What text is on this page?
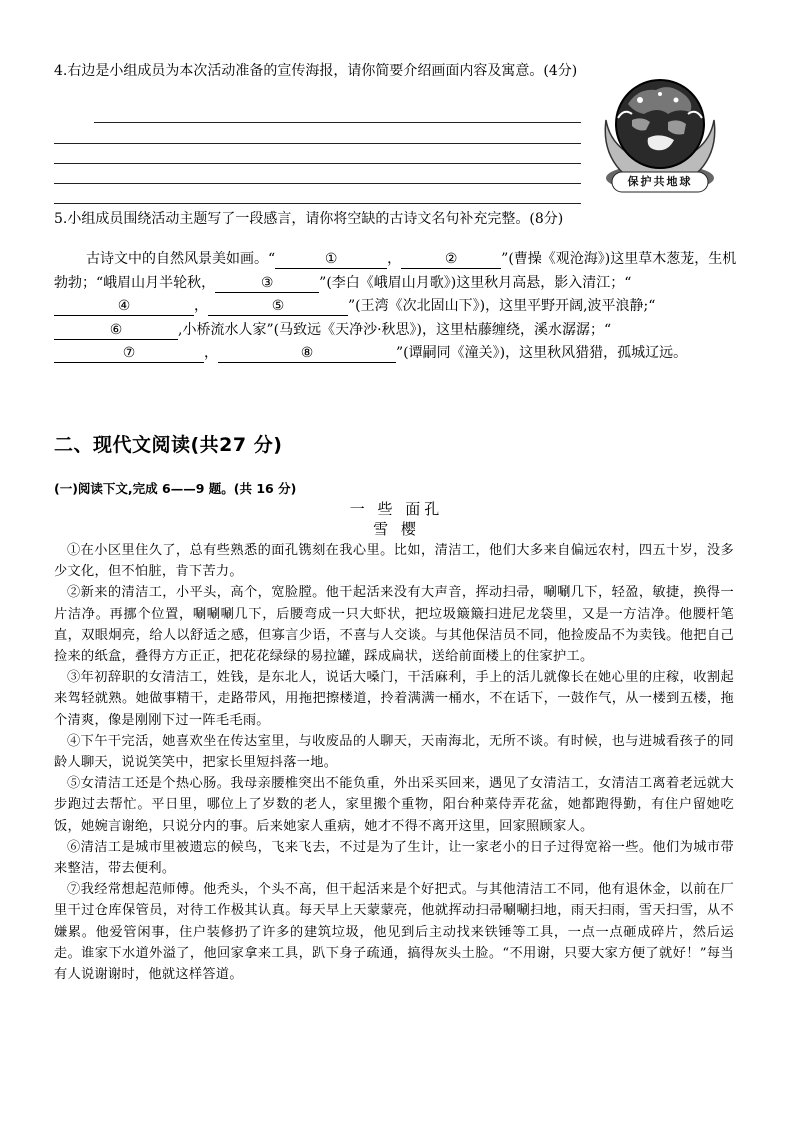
4.右边是小组成员为本次活动准备的宣传海报，请你简要介绍画面内容及寓意。(4分)
保护共地球
5.小组成员围绕活动主题写了一段感言，请你将空缺的古诗文名句补充完整。(8分)
古诗文中的自然风景美如画。“	①	，	②	”(曹操《观沧海》)这里草木葱茏，生机勃勃；“峨眉山月半轮秋，	③	”(李白《峨眉山月歌》)这里秋月高悬，影入清江；“④	，	⑤	”(王湾《次北固山下》)，这里平野开阔,波平浪静;“⑥	,小桥流水人家”(马致远《天净沙·秋思》)，这里枯藤缠绕，溪水潺潺；“⑦	，	⑧	”(谭嗣同《潼关》)，这里秋风猎猎，孤城辽远。
二、现代文阅读(共27 分)
(一)阅读下文,完成 6——9 题。(共 16 分)
一 些 面孔
雪 樱

①在小区里住久了，总有些熟悉的面孔镌刻在我心里。比如，清洁工，他们大多来自偏远农村，四五十岁，没多少文化，但不怕脏，肯下苦力。

②新来的清洁工，小平头，高个，宽脸膛。他干起活来没有大声音，挥动扫帚，唰唰几下，轻盈，敏捷，换得一片洁净。再挪个位置，唰唰唰几下，后腰弯成一只大虾状，把垃圾簸簸扫进尼龙袋里，又是一方洁净。他腰杆笔直，双眼炯亮，给人以舒适之感，但寡言少语，不喜与人交谈。与其他保洁员不同，他捡废品不为卖钱。他把自己捡来的纸盒，叠得方方正正，把花花绿绿的易拉罐，踩成扁状，送给前面楼上的住家护工。

③年初辞职的女清洁工，姓钱，是东北人，说话大嗓门，干活麻利，手上的活儿就像长在她心里的庄稼，收割起来驾轻就熟。她做事精干，走路带风，用拖把擦楼道，拎着满满一桶水，不在话下，一鼓作气，从一楼到五楼，拖个清爽，像是刚刚下过一阵毛毛雨。

④下午干完活，她喜欢坐在传达室里，与收废品的人聊天，天南海北，无所不谈。有时候，也与进城看孩子的同龄人聊天，说说笑笑中，把家长里短抖落一地。

⑤女清洁工还是个热心肠。我母亲腰椎突出不能负重，外出采买回来，遇见了女清洁工，女清洁工离着老远就大步跑过去帮忙。平日里，哪位上了岁数的老人，家里搬个重物，阳台种菜侍弄花盆，她都跑得勤，有住户留她吃饭，她婉言谢绝，只说分内的事。后来她家人重病，她才不得不离开这里，回家照顾家人。

⑥清洁工是城市里被遗忘的候鸟，飞来飞去，不过是为了生计，让一家老小的日子过得宽裕一些。他们为城市带来整洁，带去便利。

⑦我经常想起范师傅。他秃头，个头不高，但干起活来是个好把式。与其他清洁工不同，他有退休金，以前在厂里干过仓库保管员，对待工作极其认真。每天早上天蒙蒙亮，他就挥动扫帚唰唰扫地，雨天扫雨，雪天扫雪，从不嫌累。他爱管闲事，住户装修扔了许多的建筑垃圾，他见到后主动找来铁锤等工具，一点一点砸成碎片，然后运走。谁家下水道外溢了，他回家拿来工具，趴下身子疏通，搞得灰头土脸。“不用谢，只要大家方便了就好！”每当有人说谢谢时，他就这样答道。
